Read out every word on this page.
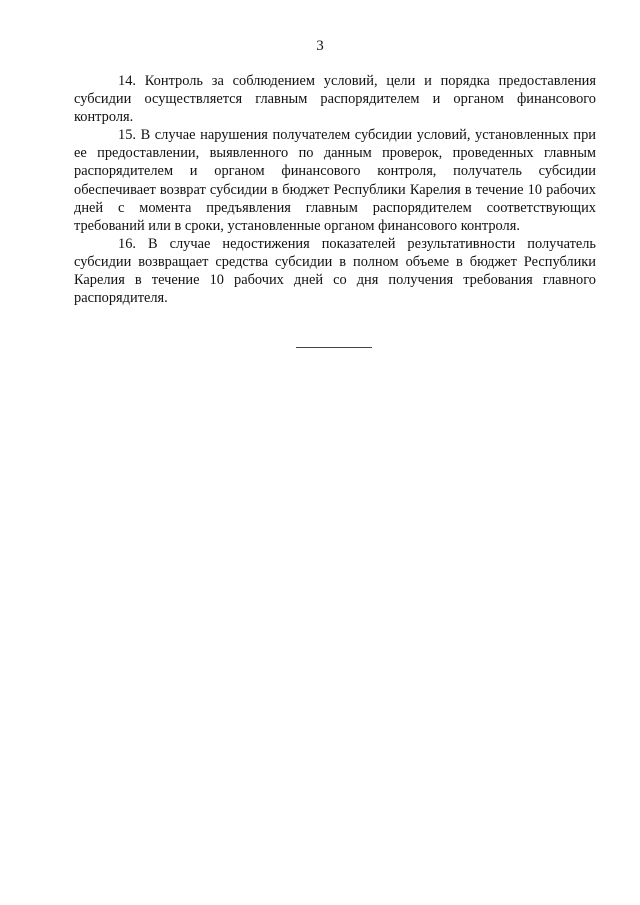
3

14. Контроль за соблюдением условий, цели и порядка предоставления субсидии осуществляется главным распорядителем и органом финансового контроля.

15. В случае нарушения получателем субсидии условий, установленных при ее предоставлении, выявленного по данным проверок, проведенных главным распорядителем и органом финансового контроля, получатель субсидии обеспечивает возврат субсидии в бюджет Республики Карелия в течение 10 рабочих дней с момента предъявления главным распорядителем соответствующих требований или в сроки, установленные органом финансового контроля.

16. В случае недостижения показателей результативности получатель субсидии возвращает средства субсидии в полном объеме в бюджет Республики Карелия в течение 10 рабочих дней со дня получения требования главного распорядителя.
